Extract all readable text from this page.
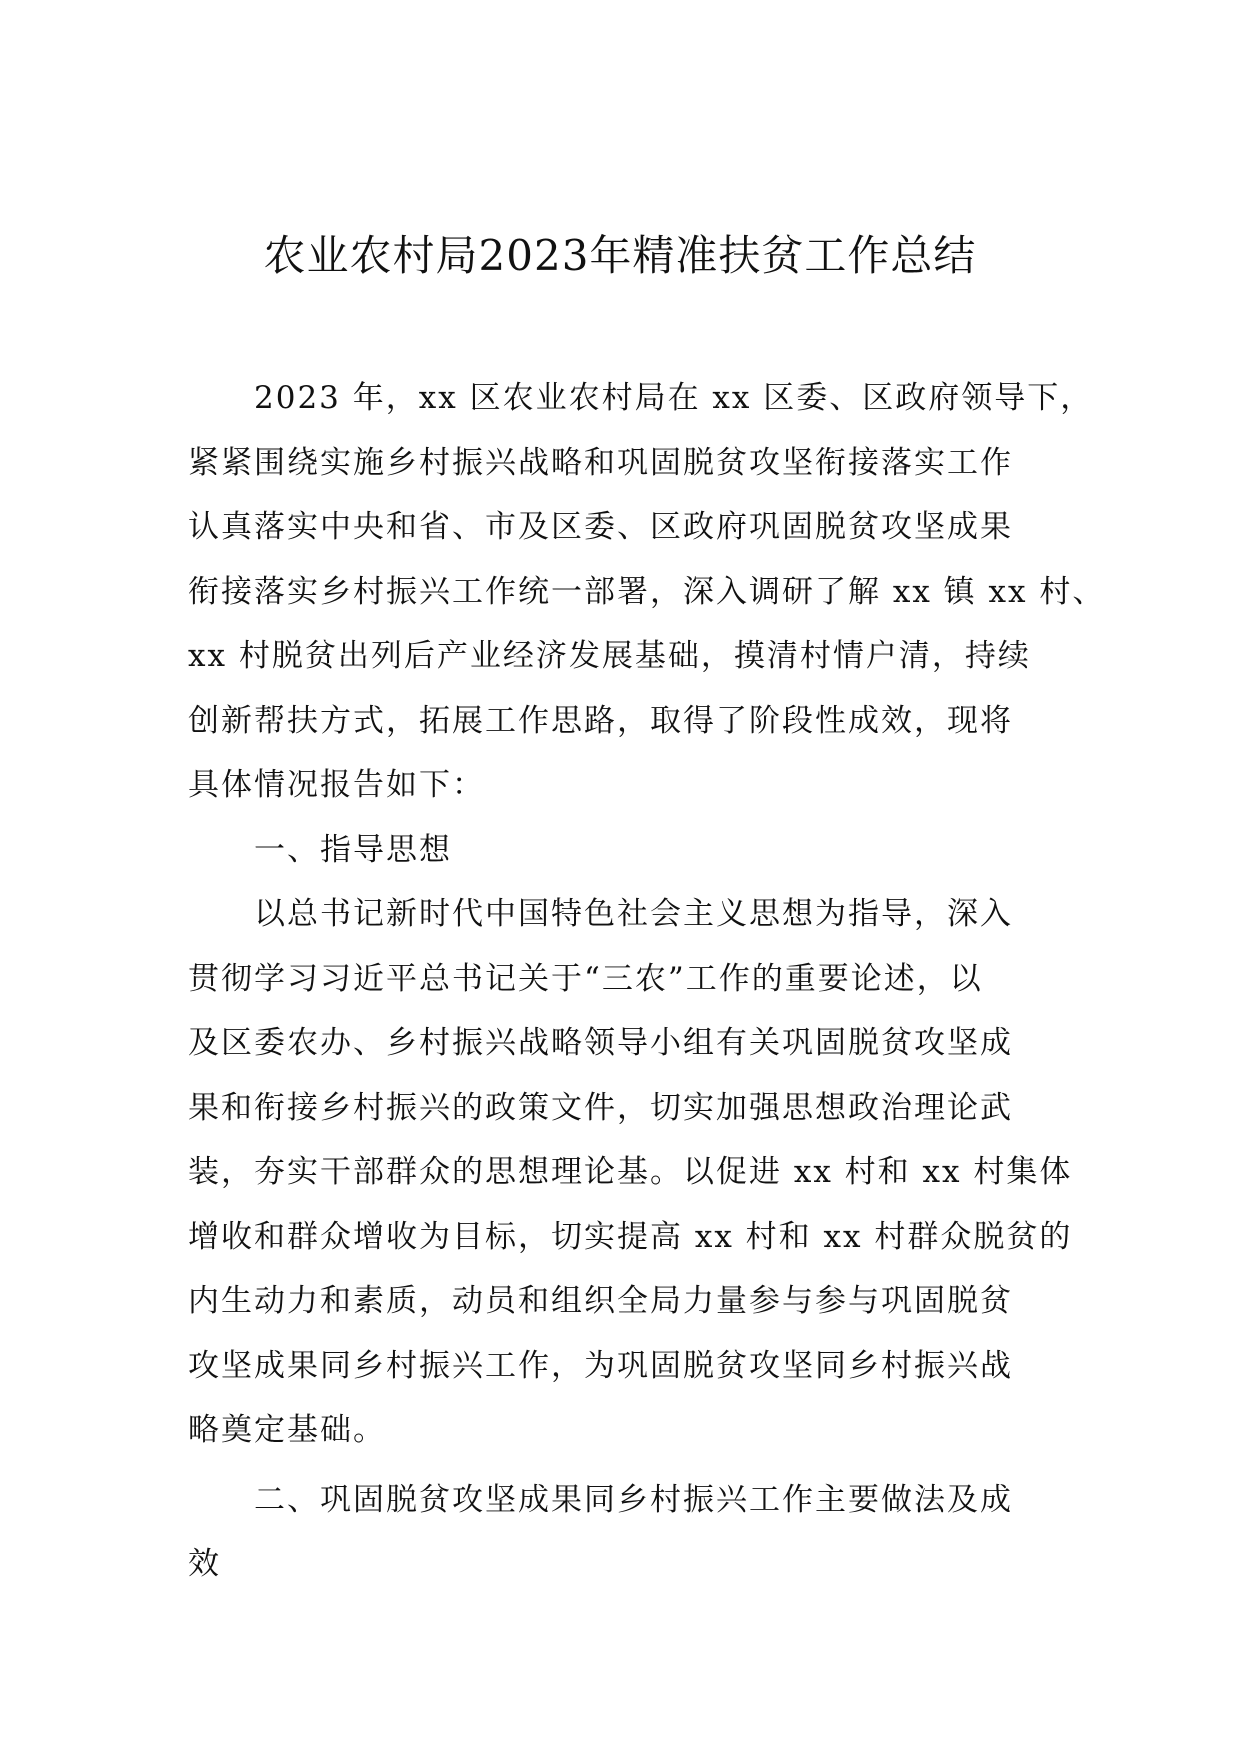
农业农村局2023年精准扶贫工作总结

2023 年，xx 区农业农村局在 xx 区委、区政府领导下，

紧紧围绕实施乡村振兴战略和巩固脱贫攻坚衔接落实工作

认真落实中央和省、市及区委、区政府巩固脱贫攻坚成果

衔接落实乡村振兴工作统一部署，深入调研了解 xx 镇 xx 村、

xx 村脱贫出列后产业经济发展基础，摸清村情户清，持续

创新帮扶方式，拓展工作思路，取得了阶段性成效，现将

具体情况报告如下：

一、指导思想

以总书记新时代中国特色社会主义思想为指导，深入

贯彻学习习近平总书记关于“三农”工作的重要论述，以

及区委农办、乡村振兴战略领导小组有关巩固脱贫攻坚成

果和衔接乡村振兴的政策文件，切实加强思想政治理论武

装，夯实干部群众的思想理论基。以促进 xx 村和 xx 村集体

增收和群众增收为目标，切实提高 xx 村和 xx 村群众脱贫的

内生动力和素质，动员和组织全局力量参与参与巩固脱贫

攻坚成果同乡村振兴工作，为巩固脱贫攻坚同乡村振兴战

略奠定基础。

二、巩固脱贫攻坚成果同乡村振兴工作主要做法及成

效
